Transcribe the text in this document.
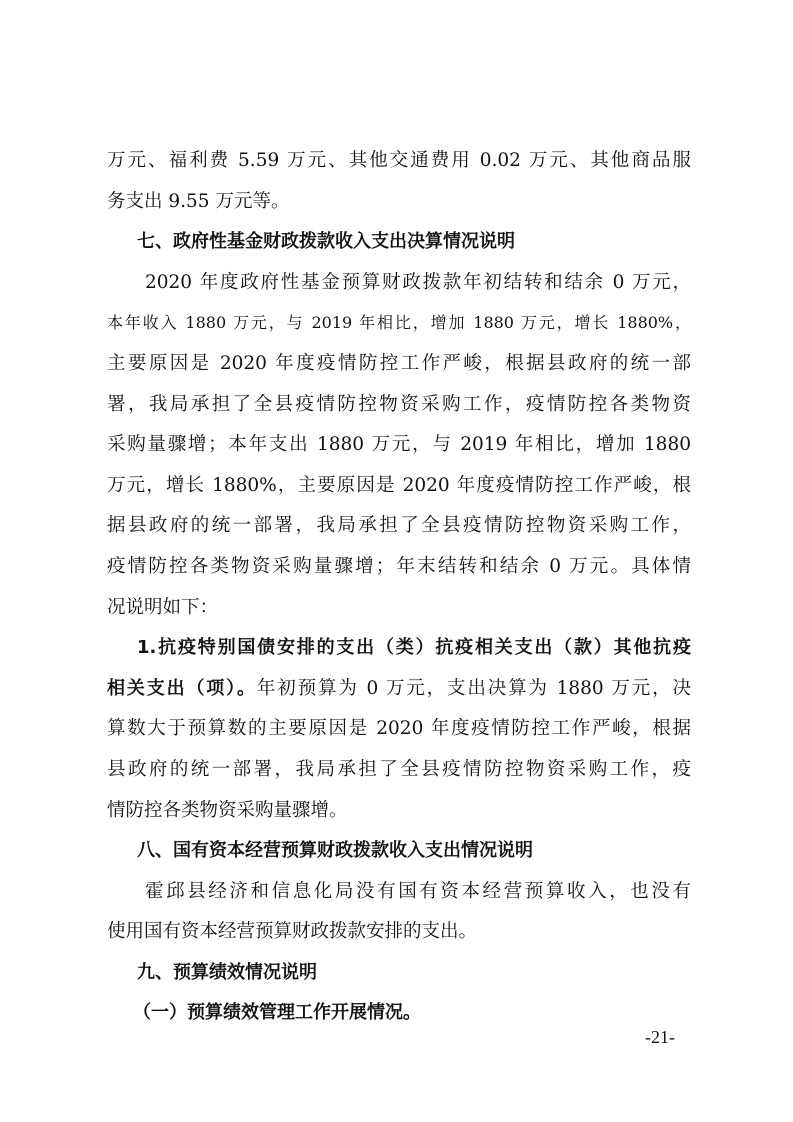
万元、福利费 5.59 万元、其他交通费用 0.02 万元、其他商品服
务支出 9.55 万元等。
七、政府性基金财政拨款收入支出决算情况说明
2020 年度政府性基金预算财政拨款年初结转和结余 0 万元，
本年收入 1880 万元，与 2019 年相比，增加 1880 万元，增长 1880%，
主要原因是 2020 年度疫情防控工作严峻，根据县政府的统一部
署，我局承担了全县疫情防控物资采购工作，疫情防控各类物资
采购量骤增；本年支出 1880 万元，与 2019 年相比，增加 1880
万元，增长 1880%，主要原因是 2020 年度疫情防控工作严峻，根
据县政府的统一部署，我局承担了全县疫情防控物资采购工作，
疫情防控各类物资采购量骤增；年末结转和结余 0 万元。具体情
况说明如下：
1.抗疫特别国债安排的支出（类）抗疫相关支出（款）其他抗疫
相关支出（项）。年初预算为 0 万元，支出决算为 1880 万元，决
算数大于预算数的主要原因是 2020 年度疫情防控工作严峻，根据
县政府的统一部署，我局承担了全县疫情防控物资采购工作，疫
情防控各类物资采购量骤增。
八、国有资本经营预算财政拨款收入支出情况说明
霍邱县经济和信息化局没有国有资本经营预算收入，也没有
使用国有资本经营预算财政拨款安排的支出。
九、预算绩效情况说明
（一）预算绩效管理工作开展情况。
-21-
